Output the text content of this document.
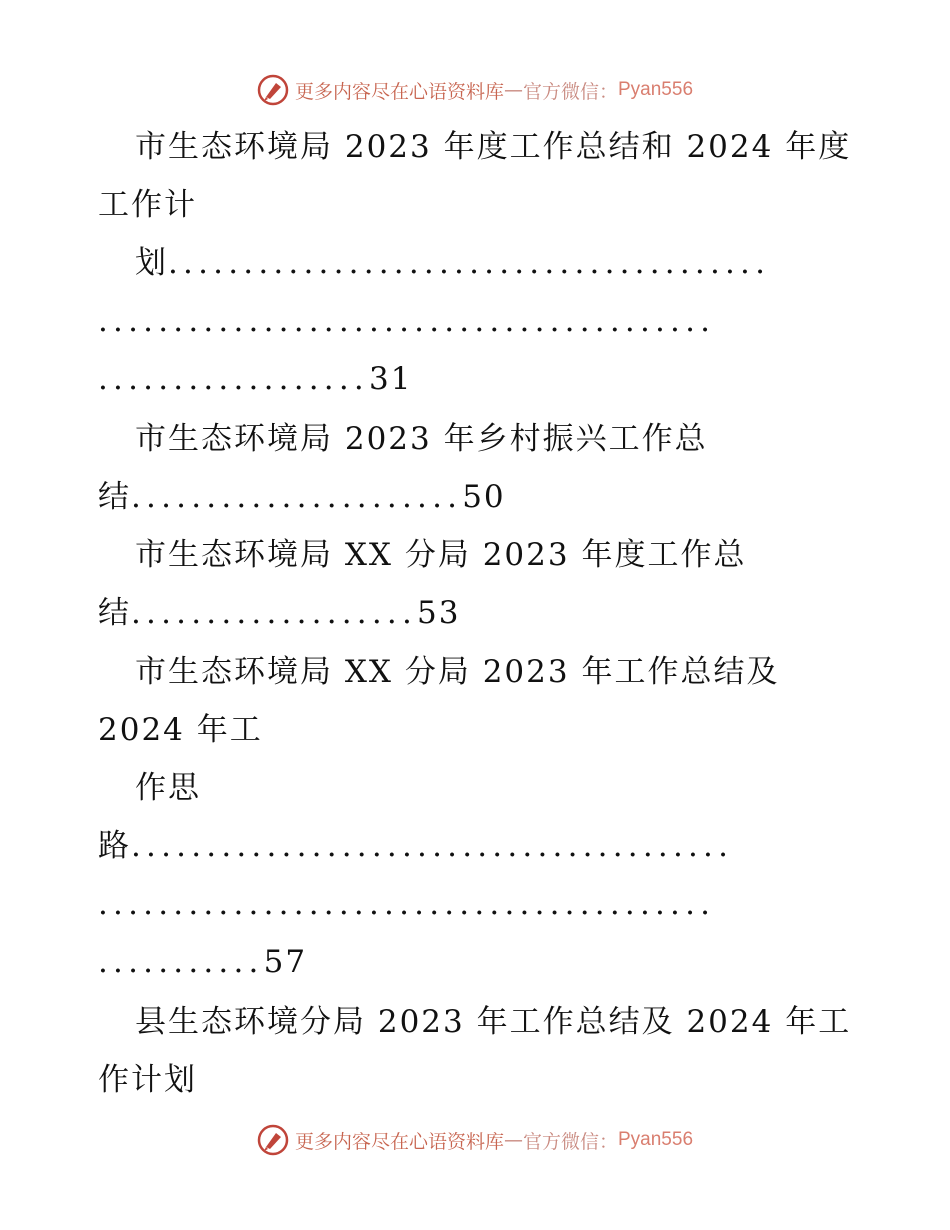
更多内容尽在心语资料库 — 官方微信： Pyan556
市生态环境局 2023 年度工作总结和 2024 年度
工作计
划........................................
.........................................
..................31
市生态环境局 2023 年乡村振兴工作总
结......................50
市生态环境局 XX 分局 2023 年度工作总
结...................53
市生态环境局 XX 分局 2023 年工作总结及
2024 年工
作思
路........................................
.........................................
...........57
县生态环境分局 2023 年工作总结及 2024 年工
作计划
更多内容尽在心语资料库 — 官方微信： Pyan556
